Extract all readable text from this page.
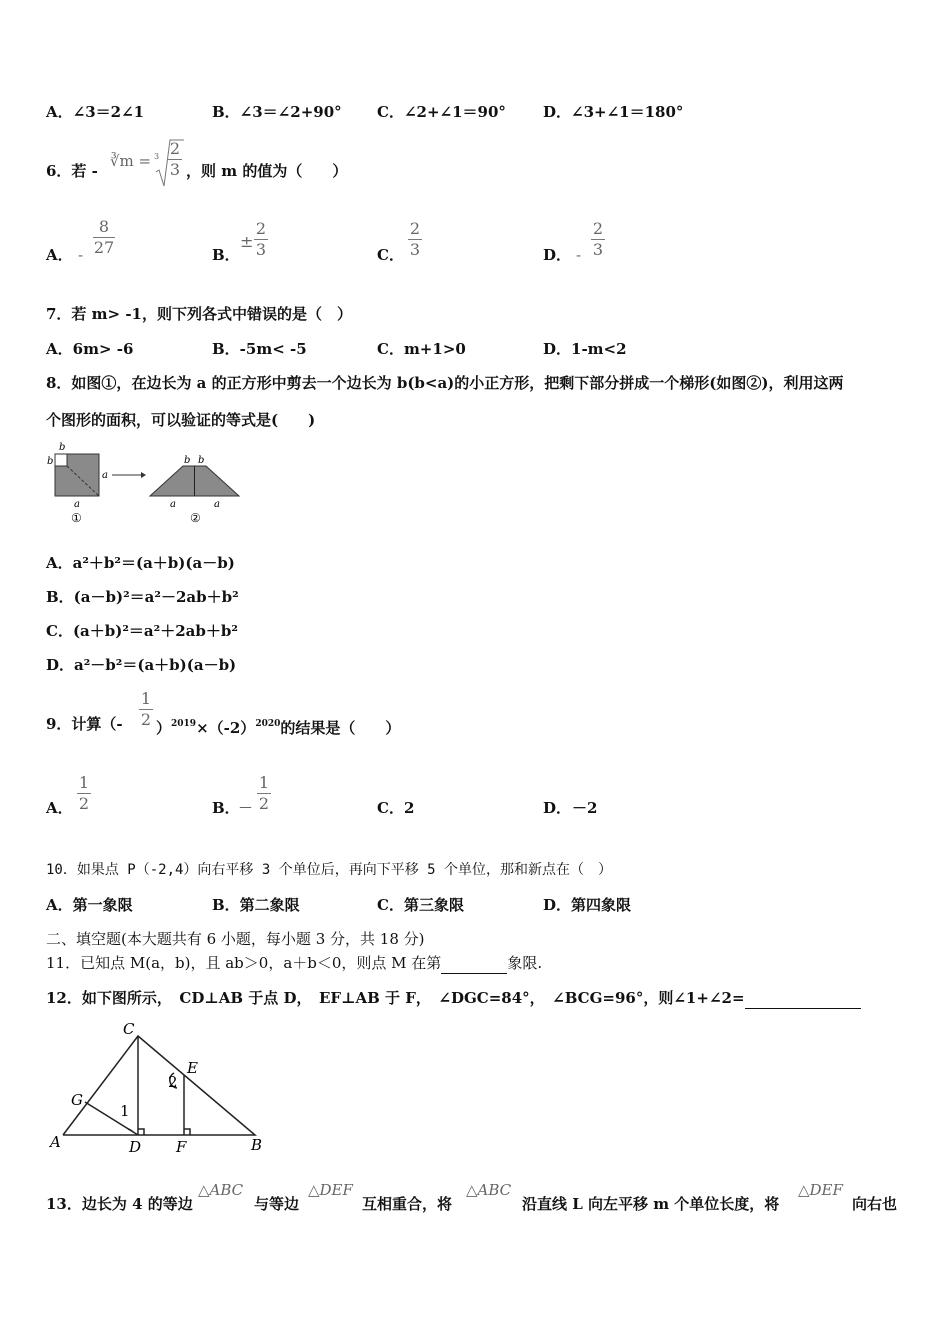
A．∠3＝2∠1	B．∠3＝∠2+90° C．∠2+∠1＝90° D．∠3+∠1＝180°
6．若 -
∛m = 3 2
3 ，则 m 的值为（　　）
A． -
8
27	B．
±
2
3	C．
2
3	D． -
2
3
7．若 m> -1，则下列各式中错误的是（　）
A．6m> -6	B．-5m< -5	C．m+1>0	D．1-m<2
8．如图①，在边长为 a 的正方形中剪去一个边长为 b(b<a)的小正方形，把剩下部分拼成一个梯形(如图②)，利用这两
个图形的面积，可以验证的等式是(　　)
b
b
a
a
①
b b
a	a
②
A．a²＋b²＝(a＋b)(a－b)
B．(a－b)²＝a²－2ab＋b²
C．(a＋b)²＝a²＋2ab＋b²
D．a²－b²＝(a＋b)(a－b)
9．计算（-
1
2 ）$^{2019}\times(-2)^{2020}$的结果是（　　）
A．
1
2	B．
－
1
2	C． 2	D． －2
10．如果点 P（-2,4）向右平移 3 个单位后，再向下平移 5 个单位，那和新点在（　）
A．第一象限	B．第二象限	C．第三象限	D．第四象限
二、填空题(本大题共有 6 小题，每小题 3 分，共 18 分)
11．已知点 M(a，b)，且 ab＞0，a＋b＜0，则点 M 在第	象限.
12．如下图所示，　CD⊥AB 于点 D，　EF⊥AB 于 F，　∠DGC=84°，　∠BCG=96°，则∠1+∠2=
C
E
2
G
1
A	D F	B
13．边长为 4 的等边
△ABC
与等边
△DEF
互相重合，将
△ABC
沿直线 L 向左平移 m 个单位长度，将
△DEF
向右也
